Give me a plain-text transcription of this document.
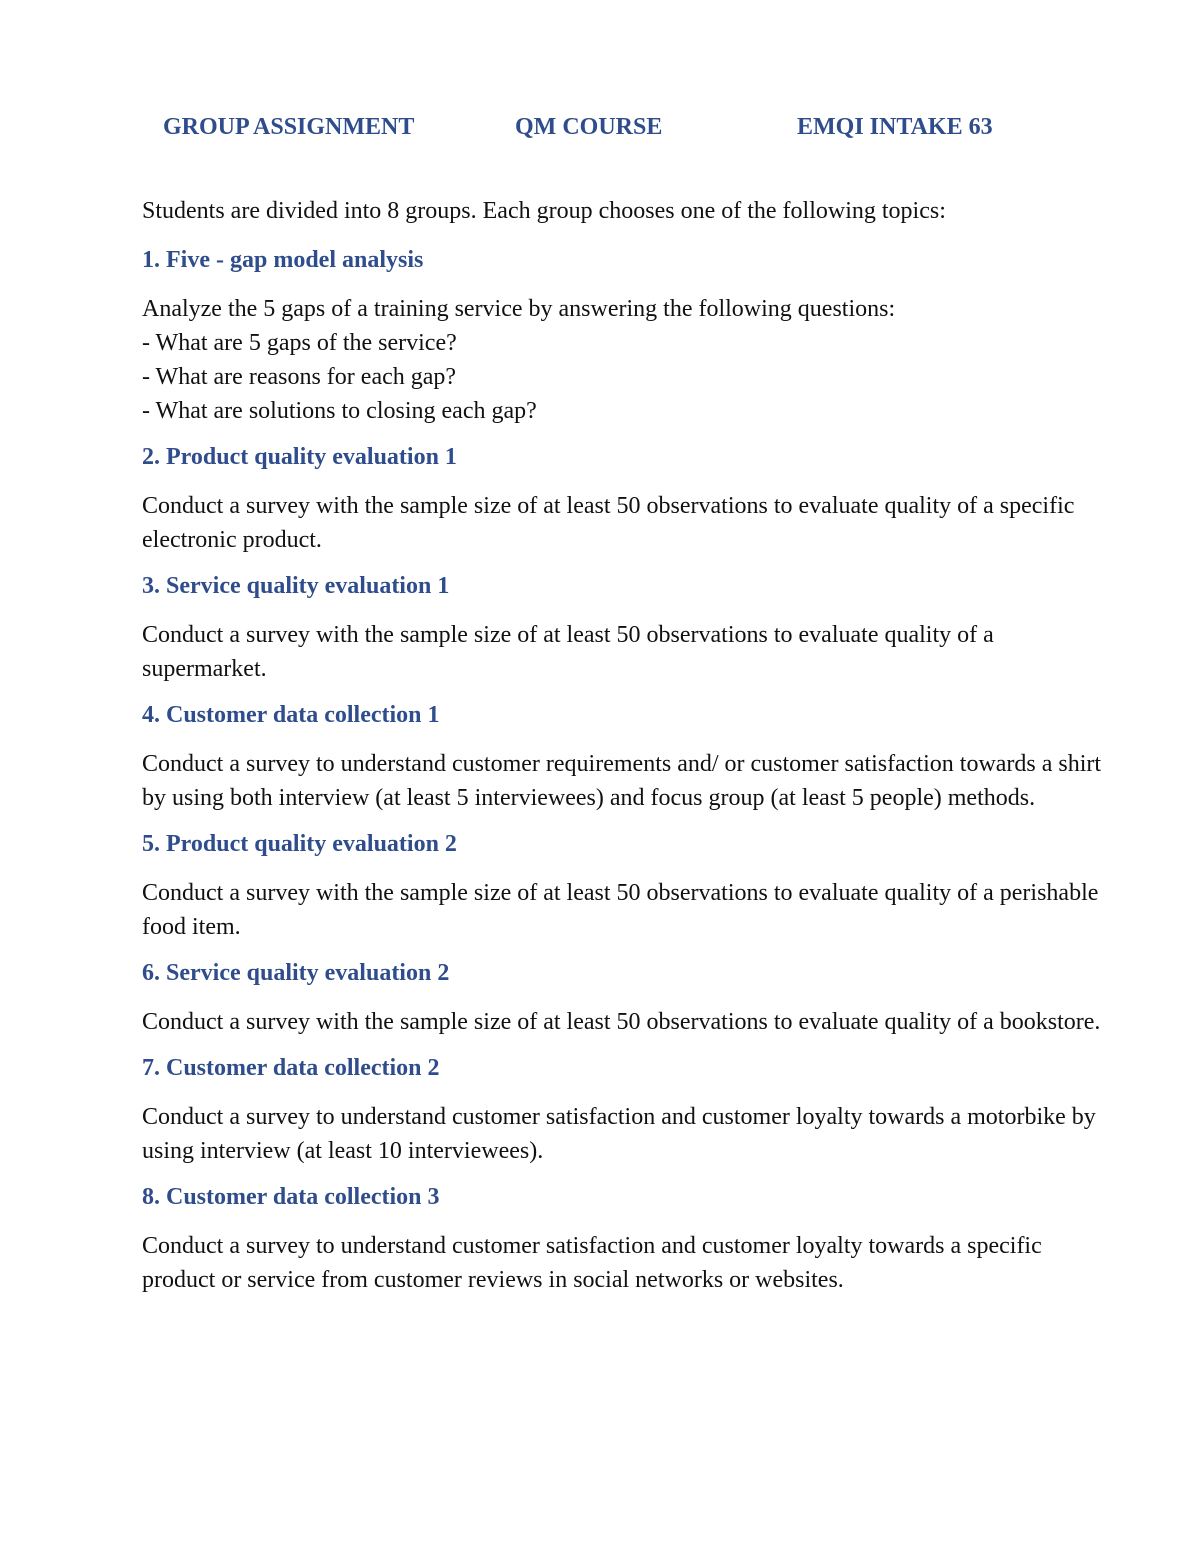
GROUP ASSIGNMENT	QM COURSE	EMQI INTAKE 63

Students are divided into 8 groups. Each group chooses one of the following topics:

1. Five - gap model analysis

Analyze the 5 gaps of a training service by answering the following questions:

- What are 5 gaps of the service?
- What are reasons for each gap?
- What are solutions to closing each gap?

2. Product quality evaluation 1

Conduct a survey with the sample size of at least 50 observations to evaluate quality of a specific electronic product.

3. Service quality evaluation 1

Conduct a survey with the sample size of at least 50 observations to evaluate quality of a supermarket.

4. Customer data collection 1

Conduct a survey to understand customer requirements and/ or customer satisfaction towards a shirt by using both interview (at least 5 interviewees) and focus group (at least 5 people) methods.

5. Product quality evaluation 2

Conduct a survey with the sample size of at least 50 observations to evaluate quality of a perishable food item.

6. Service quality evaluation 2

Conduct a survey with the sample size of at least 50 observations to evaluate quality of a bookstore.

7. Customer data collection 2

Conduct a survey to understand customer satisfaction and customer loyalty towards a motorbike by using interview (at least 10 interviewees).

8. Customer data collection 3

Conduct a survey to understand customer satisfaction and customer loyalty towards a specific product or service from customer reviews in social networks or websites.
